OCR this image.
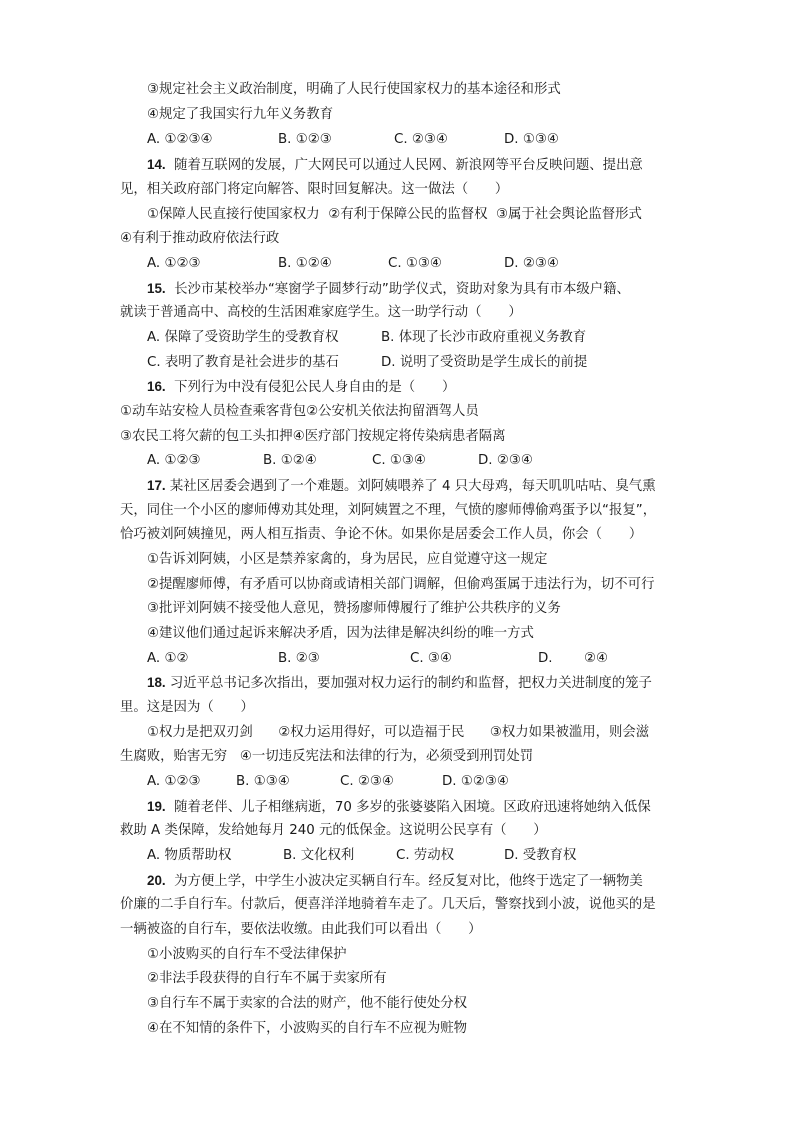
③规定社会主义政治制度，明确了人民行使国家权力的基本途径和形式
④规定了我国实行九年义务教育
A. ①②③④	B. ①②③	C. ②③④	D. ①③④
14. 随着互联网的发展，广大网民可以通过人民网、新浪网等平台反映问题、提出意
见，相关政府部门将定向解答、限时回复解决。这一做法（　　）
①保障人民直接行使国家权力  ②有利于保障公民的监督权  ③属于社会舆论监督形式
④有利于推动政府依法行政
A. ①②③	B. ①②④	C. ①③④	D. ②③④
15. 长沙市某校举办“寒窗学子圆梦行动”助学仪式，资助对象为具有市本级户籍、
就读于普通高中、高校的生活困难家庭学生。这一助学行动（　　）
A. 保障了受资助学生的受教育权	B. 体现了长沙市政府重视义务教育
C. 表明了教育是社会进步的基石	D. 说明了受资助是学生成长的前提
16. 下列行为中没有侵犯公民人身自由的是（　　）
①动车站安检人员检查乘客背包②公安机关依法拘留酒驾人员
③农民工将欠薪的包工头扣押④医疗部门按规定将传染病患者隔离
A. ①②③	B. ①②④	C. ①③④	D. ②③④
17. 某社区居委会遇到了一个难题。刘阿姨喂养了 4 只大母鸡，每天叽叽咕咕、臭气熏
天，同住一个小区的廖师傅劝其处理，刘阿姨置之不理，气愤的廖师傅偷鸡蛋予以“报复”，
恰巧被刘阿姨撞见，两人相互指责、争论不休。如果你是居委会工作人员，你会（　　）
①告诉刘阿姨，小区是禁养家禽的，身为居民，应自觉遵守这一规定
②提醒廖师傅，有矛盾可以协商或请相关部门调解，但偷鸡蛋属于违法行为，切不可行
③批评刘阿姨不接受他人意见，赞扬廖师傅履行了维护公共秩序的义务
④建议他们通过起诉来解决矛盾，因为法律是解决纠纷的唯一方式
A. ①②	B. ②③	C. ③④	D. ②④
18. 习近平总书记多次指出，要加强对权力运行的制约和监督，把权力关进制度的笼子
里。这是因为（　　）
①权力是把双刃剑      ②权力运用得好，可以造福于民      ③权力如果被滥用，则会滋
生腐败，贻害无穷   ④一切违反宪法和法律的行为，必须受到刑罚处罚
A. ①②③	B. ①③④	C. ②③④	D. ①②③④
19. 随着老伴、儿子相继病逝，70 多岁的张婆婆陷入困境。区政府迅速将她纳入低保
救助 A 类保障，发给她每月 240 元的低保金。这说明公民享有（　　）
A. 物质帮助权	B. 文化权利	C. 劳动权	D. 受教育权
20. 为方便上学，中学生小波决定买辆自行车。经反复对比，他终于选定了一辆物美
价廉的二手自行车。付款后，便喜洋洋地骑着车走了。几天后，警察找到小波，说他买的是
一辆被盗的自行车，要依法收缴。由此我们可以看出（　　）
①小波购买的自行车不受法律保护
②非法手段获得的自行车不属于卖家所有
③自行车不属于卖家的合法的财产，他不能行使处分权
④在不知情的条件下，小波购买的自行车不应视为赃物
